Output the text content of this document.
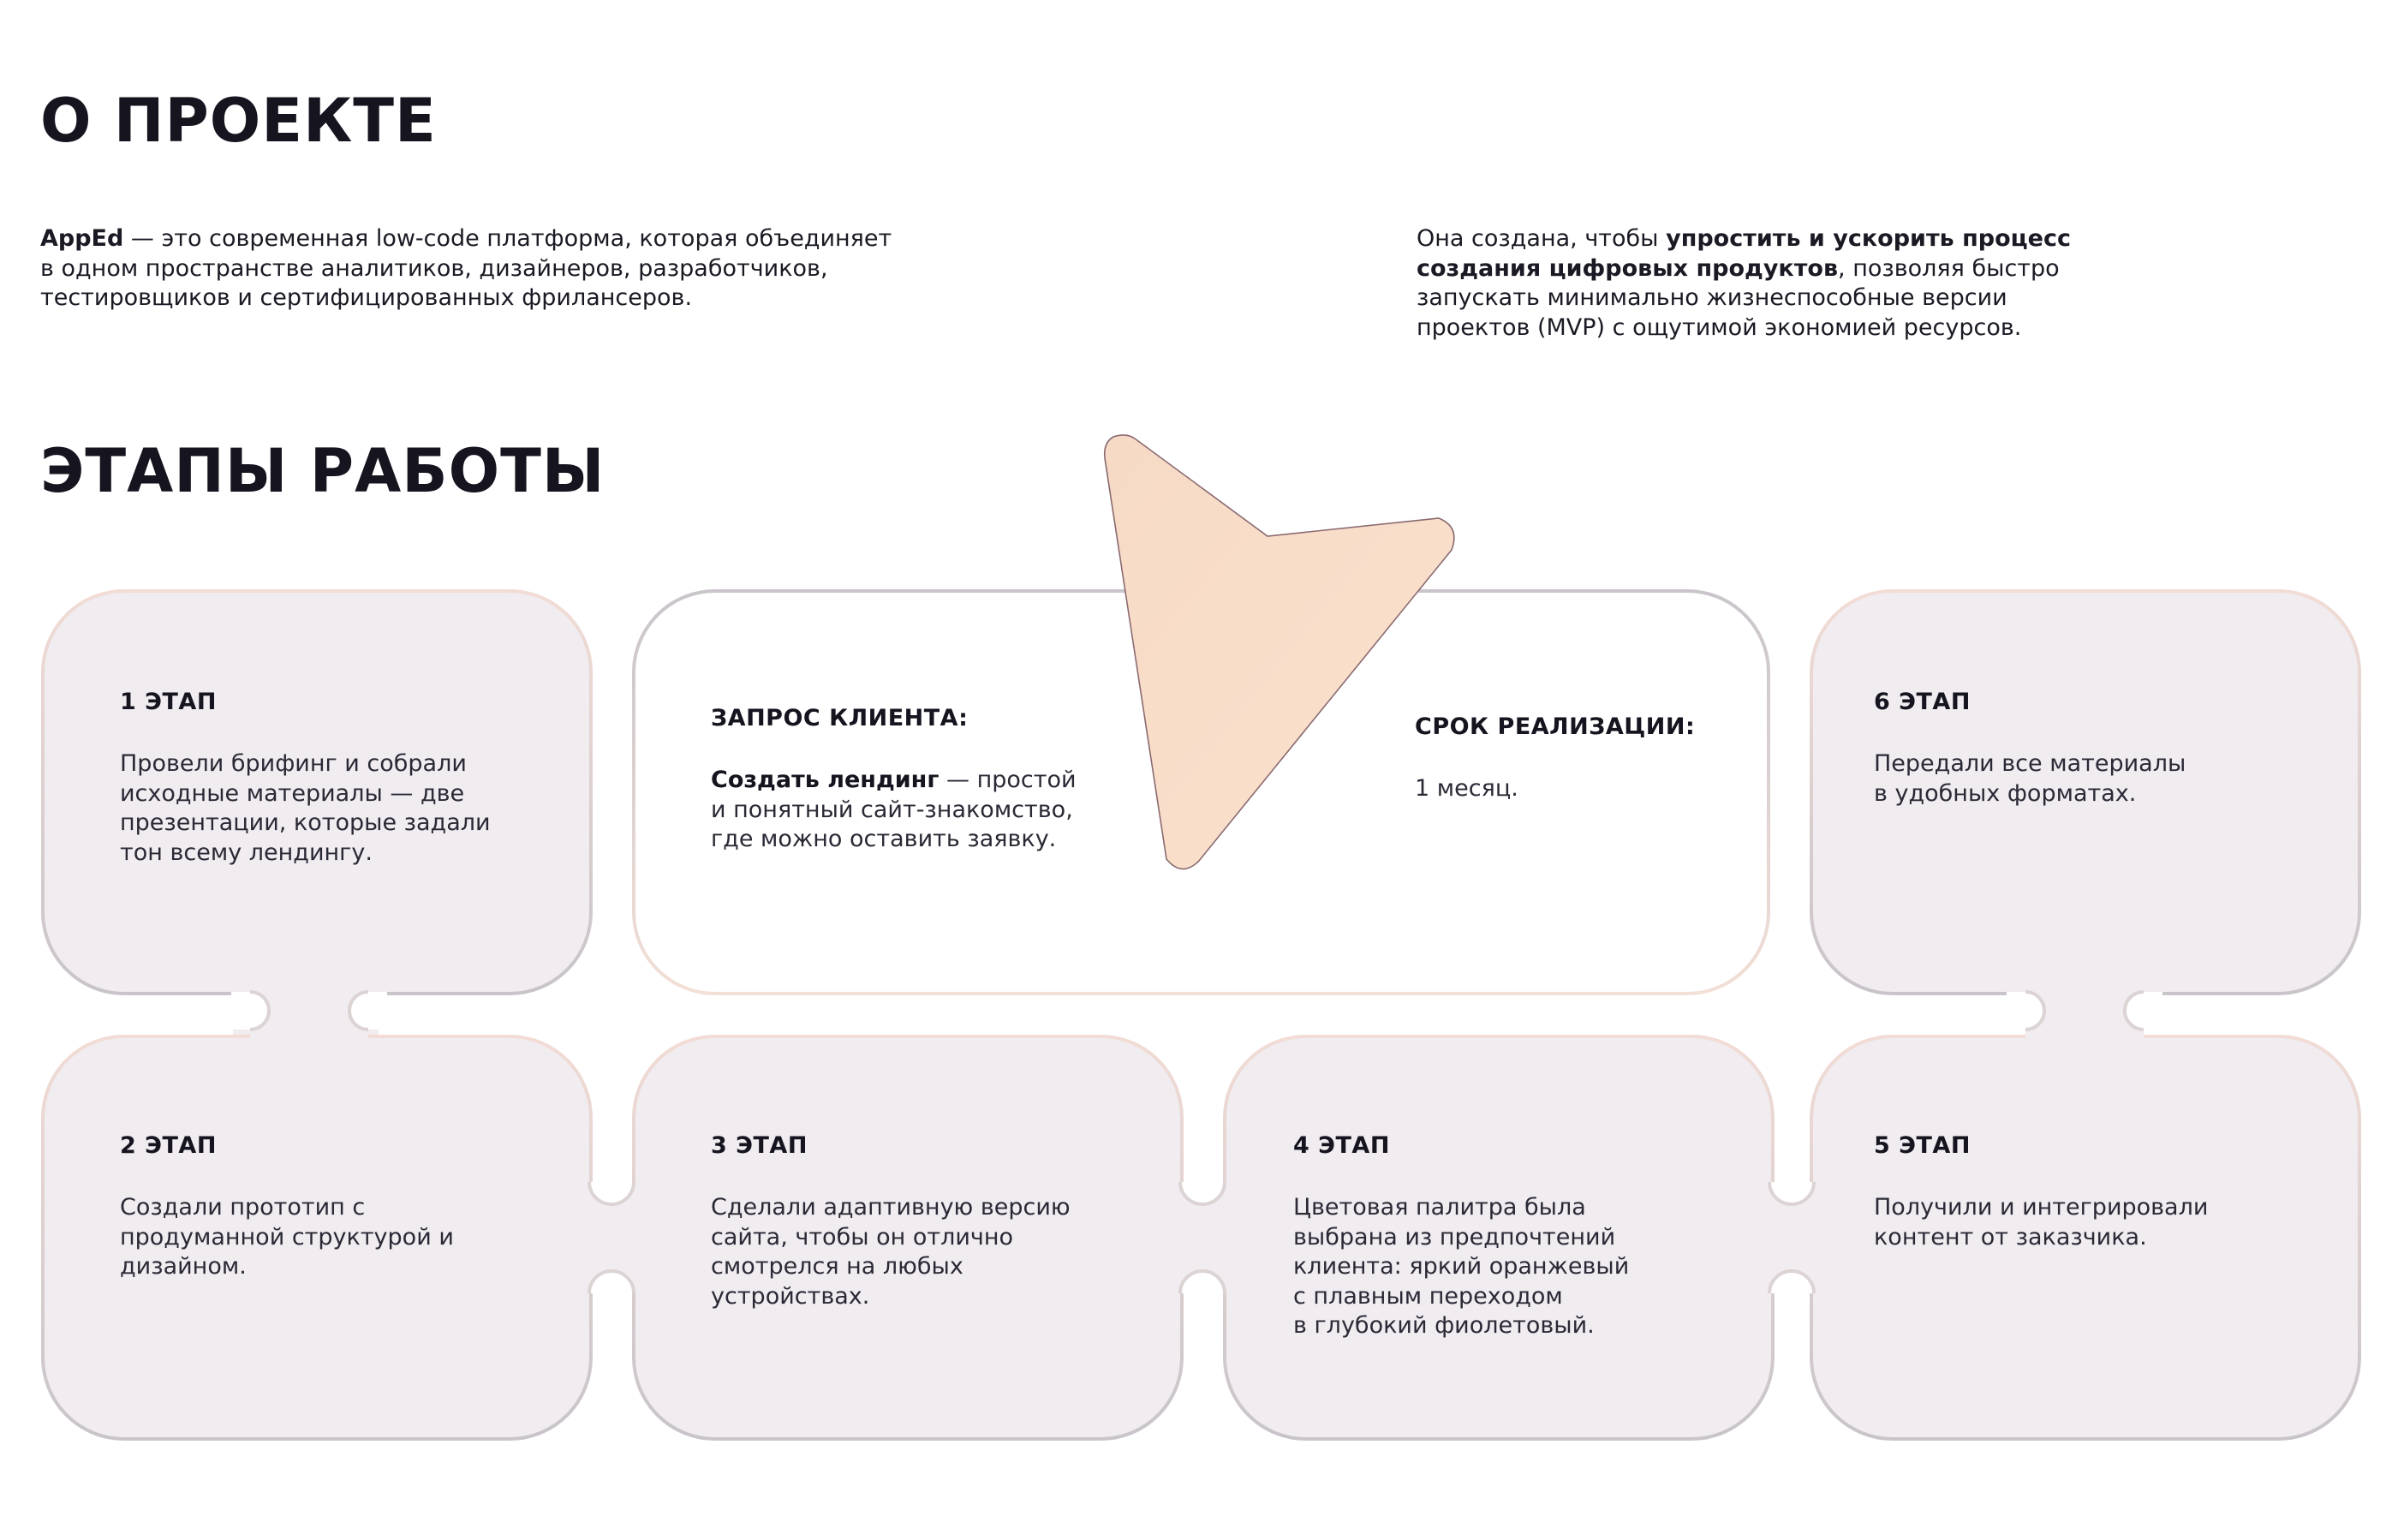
О ПРОЕКТЕ

AppEd — это современная low-code платформа, которая объединяет
в одном пространстве аналитиков, дизайнеров, разработчиков,
тестировщиков и сертифицированных фрилансеров.

Она создана, чтобы упростить и ускорить процесс
создания цифровых продуктов, позволяя быстро
запускать минимально жизнеспособные версии
проектов (MVP) с ощутимой экономией ресурсов.

ЭТАПЫ РАБОТЫ

1 ЭТАП

Провели брифинг и собрали
исходные материалы — две
презентации, которые задали
тон всему лендингу.

ЗАПРОС КЛИЕНТА:

Создать лендинг — простой
и понятный сайт-знакомство,
где можно оставить заявку.

СРОК РЕАЛИЗАЦИИ:

1 месяц.

6 ЭТАП

Передали все материалы
в удобных форматах.

2 ЭТАП

Создали прототип с
продуманной структурой и
дизайном.

3 ЭТАП

Сделали адаптивную версию
сайта, чтобы он отлично
смотрелся на любых
устройствах.

4 ЭТАП

Цветовая палитра была
выбрана из предпочтений
клиента: яркий оранжевый
с плавным переходом
в глубокий фиолетовый.

5 ЭТАП

Получили и интегрировали
контент от заказчика.
